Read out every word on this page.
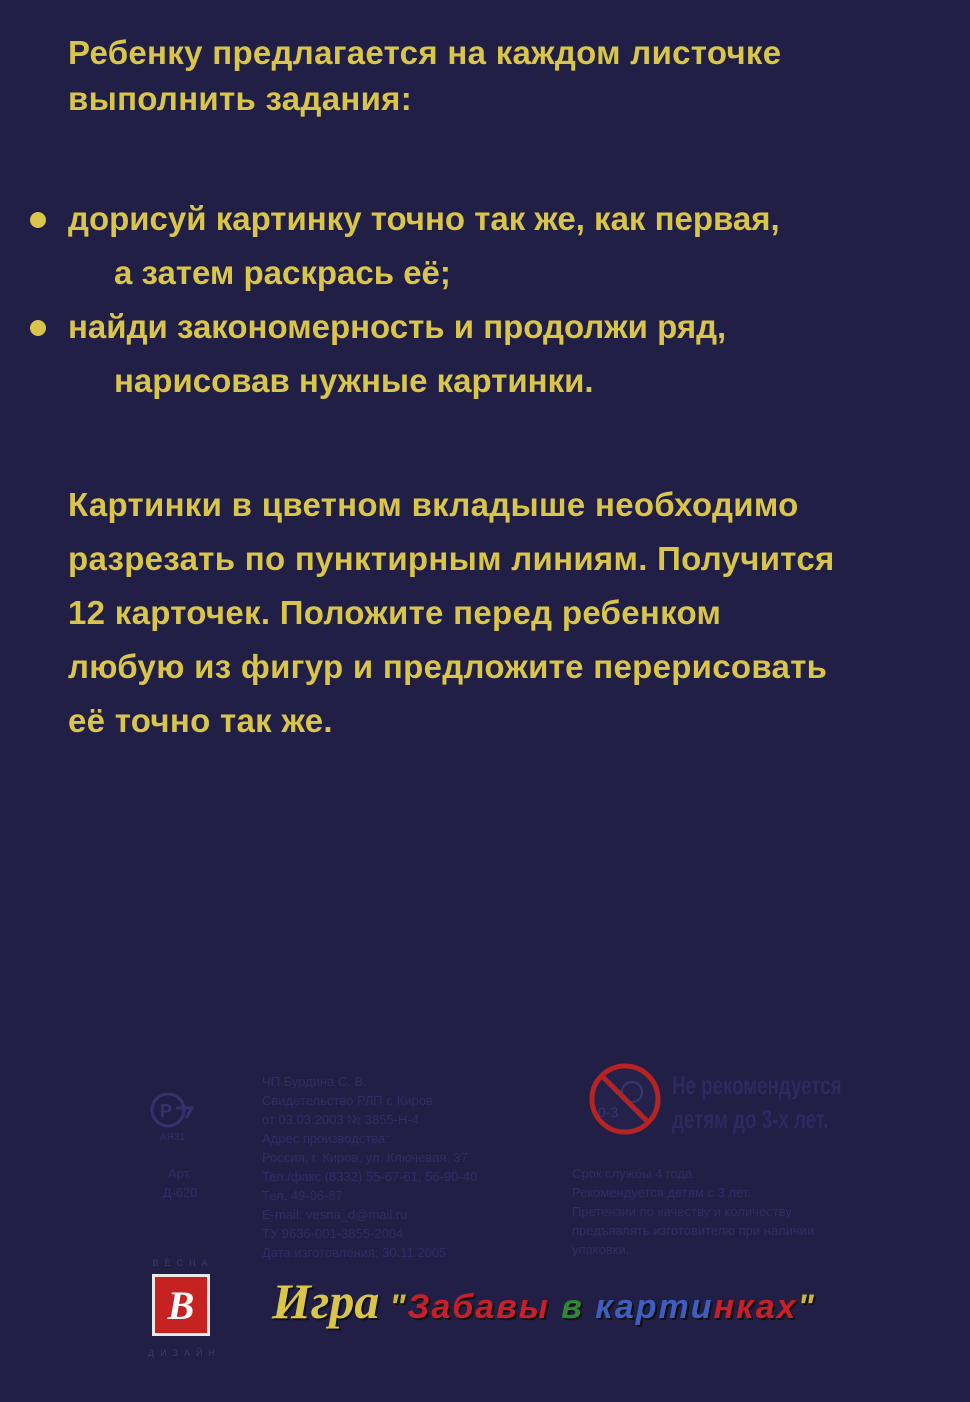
Ребенку предлагается на каждом листочке

выполнить задания:

дорисуй картинку точно так же, как первая,
а затем раскрась её;
найди закономерность и продолжи ряд,
нарисовав нужные картинки.
Картинки в цветном вкладыше необходимо
разрезать по пунктирным линиям. Получится
12 карточек. Положите перед ребенком
любую из фигур и предложите перерисовать
её точно так же.
Р
АЯ31
Арт.
Д-620
ЧП Бурдина С. В.
Свидетельство РЛП г. Киров
от 03.03.2003 № 3855-Н-4
Адрес производства:
Россия, г. Киров, ул. Ключевая, 37
Тел./факс (8332) 55-67-61, 56-90-40
Тел. 49-06-87
E-mail: vesna_d@mail.ru
ТУ 9636-001-3855-2004
Дата изготовления: 30.11.2005
0-3
Не рекомендуется
детям до 3-х лет.
Срок службы 4 года.
Рекомендуется детям с 3 лет.
Претензии по качеству и количеству
предъявлять изготовителю при наличии
упаковки.
ВЕСНА
В
ДИЗАЙН
Игра "Забавы в картинках"
